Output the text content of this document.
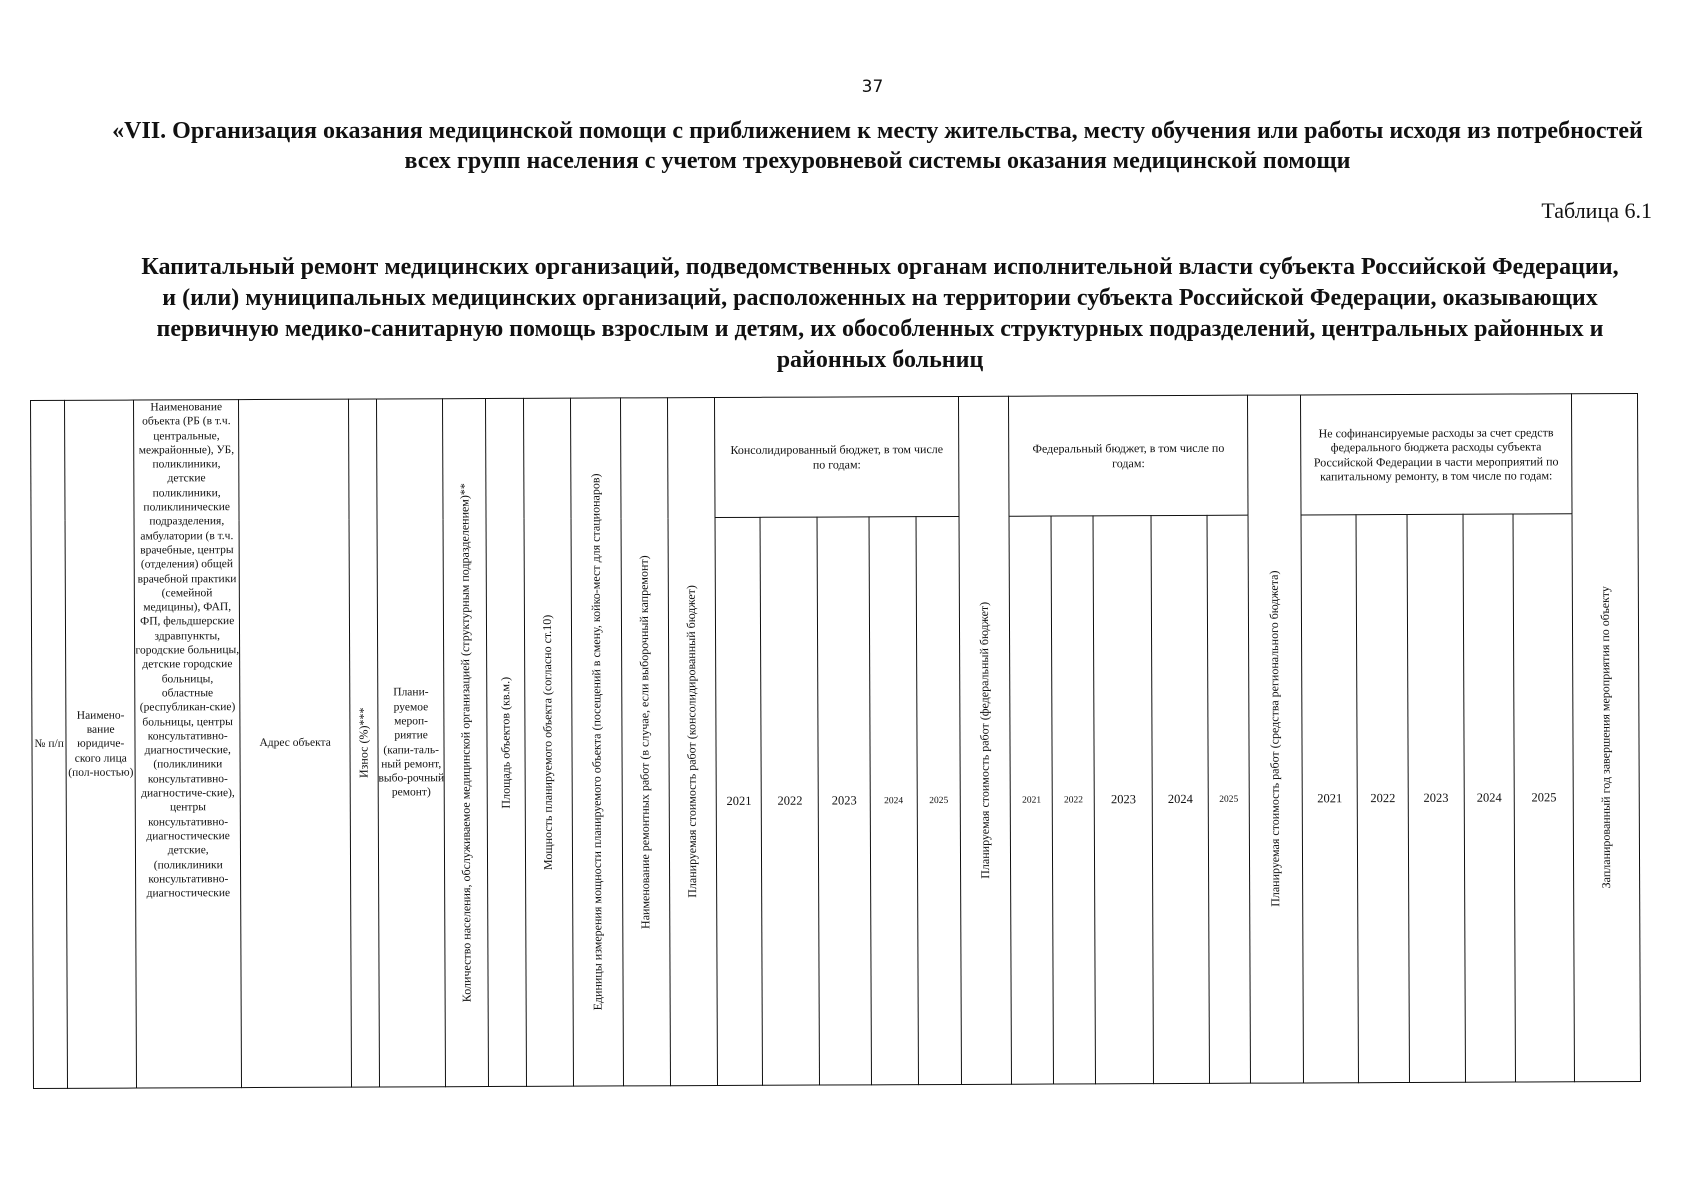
37
«VII. Организация оказания медицинской помощи с приближением к месту жительства, месту обучения или работы исходя из потребностей всех групп населения с учетом трехуровневой системы оказания медицинской помощи
Таблица 6.1
Капитальный ремонт медицинских организаций, подведомственных органам исполнительной власти субъекта Российской Федерации, и (или) муниципальных медицинских организаций, расположенных на территории субъекта Российской Федерации, оказывающих первичную медико-санитарную помощь взрослым и детям, их обособленных структурных подразделений, центральных районных и районных больниц
№ п/п	Наимено-вание юридиче-ского лица (пол-ностью)	Наименование объекта (РБ (в т.ч. центральные, межрайонные), УБ, поликлиники, детские поликлиники, поликлинические подразделения, амбулатории (в т.ч. врачебные, центры (отделения) общей врачебной практики (семейной медицины), ФАП, ФП, фельдшерские здравпункты, городские больницы, детские городские больницы, областные (республикан-ские) больницы, центры консультативно-диагностические, (поликлиники консультативно-диагностиче-ские), центры консультативно-диагностические детские, (поликлиники консультативно-диагностические	Адрес объекта	Износ (%)***	Плани-руемое мероп-риятие (капи-таль-ный ремонт, выбо-рочный ремонт)	Количество населения, обслуживаемое медицинской организацией (структурным подразделением)**	Площадь объектов (кв.м.)	Мощность планируемого объекта (согласно ст.10)	Единицы измерения мощности планируемого объекта (посещений в смену, койко-мест для стационаров)	Наименование ремонтных работ (в случае, если выборочный капремонт)	Планируемая стоимость работ (консолидированный бюджет)	Консолидированный бюджет, в том числе по годам:					Планируемая стоимость работ (федеральный бюджет)	Федеральный бюджет, в том числе по годам:					Планируемая стоимость работ (средства регионального бюджета)	Не софинансируемые расходы за счет средств федерального бюджета расходы субъекта Российской Федерации в части мероприятий по капитальному ремонту, в том числе по годам:					Запланированный год завершения мероприятия по объекту

												2021	2022	2023	2024	2025		2021	2022	2023	2024	2025		2021	2022	2023	2024	2025	
